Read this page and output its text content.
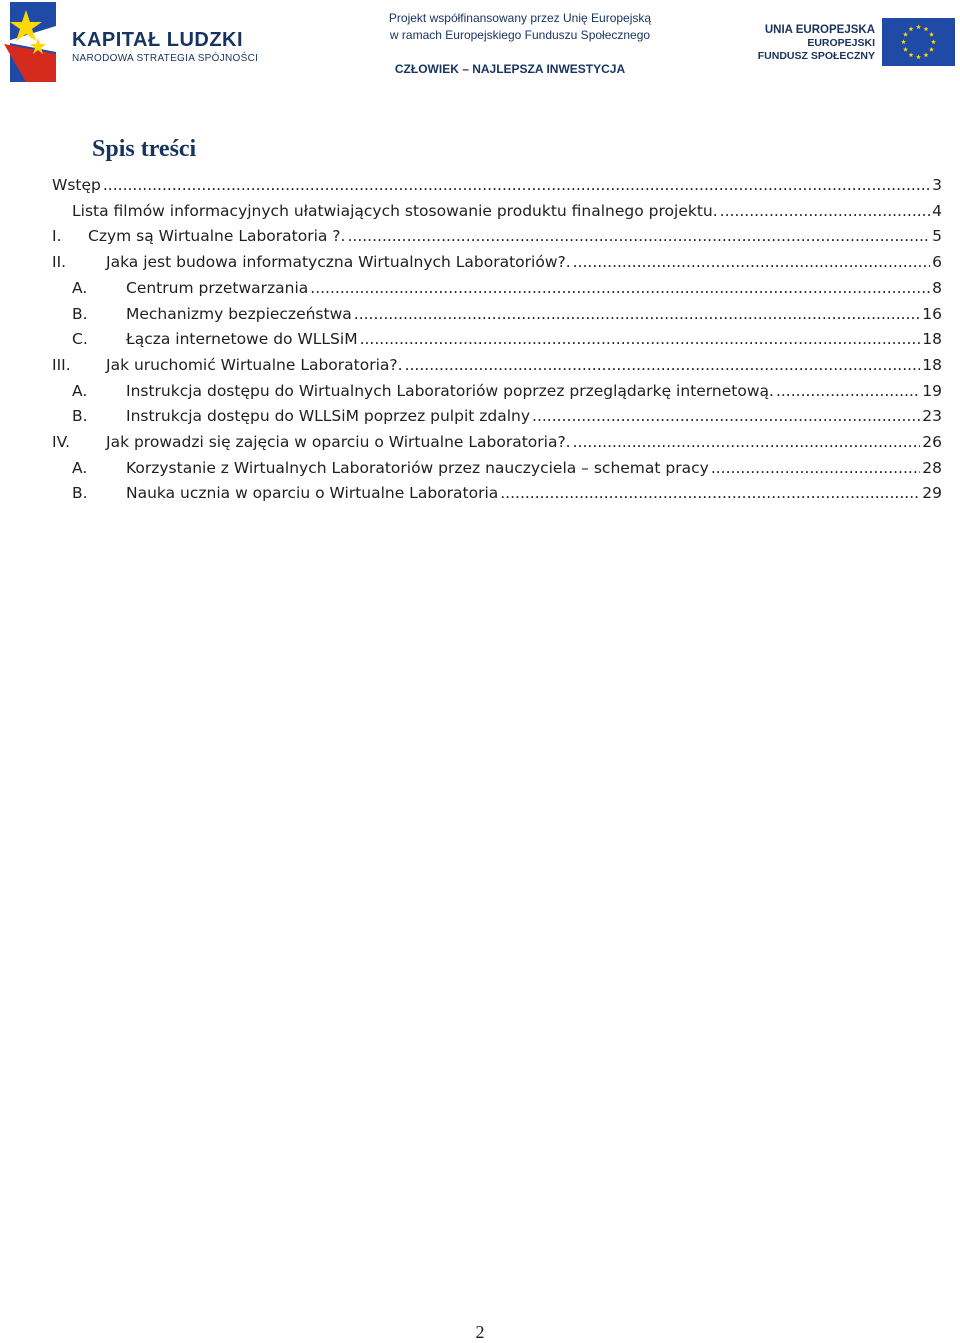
KAPITAŁ LUDZKI
NARODOWA STRATEGIA SPÓJNOŚCI
Projekt współfinansowany przez Unię Europejską
w ramach Europejskiego Funduszu Społecznego
CZŁOWIEK – NAJLEPSZA INWESTYCJA
UNIA EUROPEJSKA
EUROPEJSKI
FUNDUSZ SPOŁECZNY
Spis treści
Wstęp .....	3
Lista filmów informacyjnych ułatwiających stosowanie produktu finalnego projektu. .....	4
I.	Czym są Wirtualne Laboratoria ?. .....	5
II.	Jaka jest budowa informatyczna Wirtualnych Laboratoriów?. .....	6
A.	Centrum przetwarzania .....	8
B.	Mechanizmy bezpieczeństwa .....	16
C.	Łącza internetowe do WLLSiM .....	18
III.	Jak uruchomić Wirtualne Laboratoria?. .....	18
A.	Instrukcja dostępu do Wirtualnych Laboratoriów poprzez przeglądarkę internetową. .....	19
B.	Instrukcja dostępu do WLLSiM poprzez pulpit zdalny .....	23
IV.	Jak prowadzi się zajęcia w oparciu o Wirtualne Laboratoria?. .....	26
A.	Korzystanie z Wirtualnych Laboratoriów przez nauczyciela – schemat pracy .....	28
B.	Nauka ucznia w oparciu o Wirtualne Laboratoria .....	29
2
